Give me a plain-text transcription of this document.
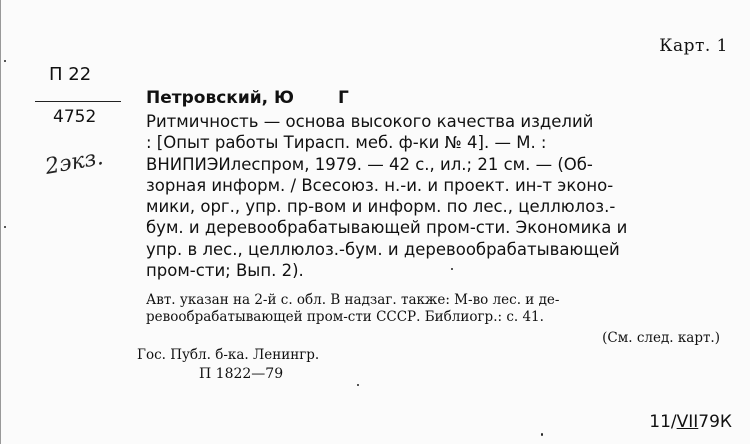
Карт. 1
П 22
4752
2экз.
Петровский, Ю	Г
Ритмичность — основа высокого качества изделий
: [Опыт работы Тирасп. меб. ф-ки № 4]. — М. :
ВНИПИЭИлеспром, 1979. — 42 с., ил.; 21 см. — (Об-
зорная информ. / Всесоюз. н.-и. и проект. ин-т эконо-
мики, орг., упр. пр-вом и информ. по лес., целлюлоз.-
бум. и деревообрабатывающей пром-сти. Экономика и
упр. в лес., целлюлоз.-бум. и деревообрабатывающей
пром-сти; Вып. 2).
Авт. указан на 2-й с. обл. В надзаг. также: М-во лес. и де-
ревообрабатывающей пром-сти СССР. Библиогр.: с. 41.
(См. след. карт.)
Гос. Публ. б-ка. Ленингр.
П 1822—79
11/VII79К
